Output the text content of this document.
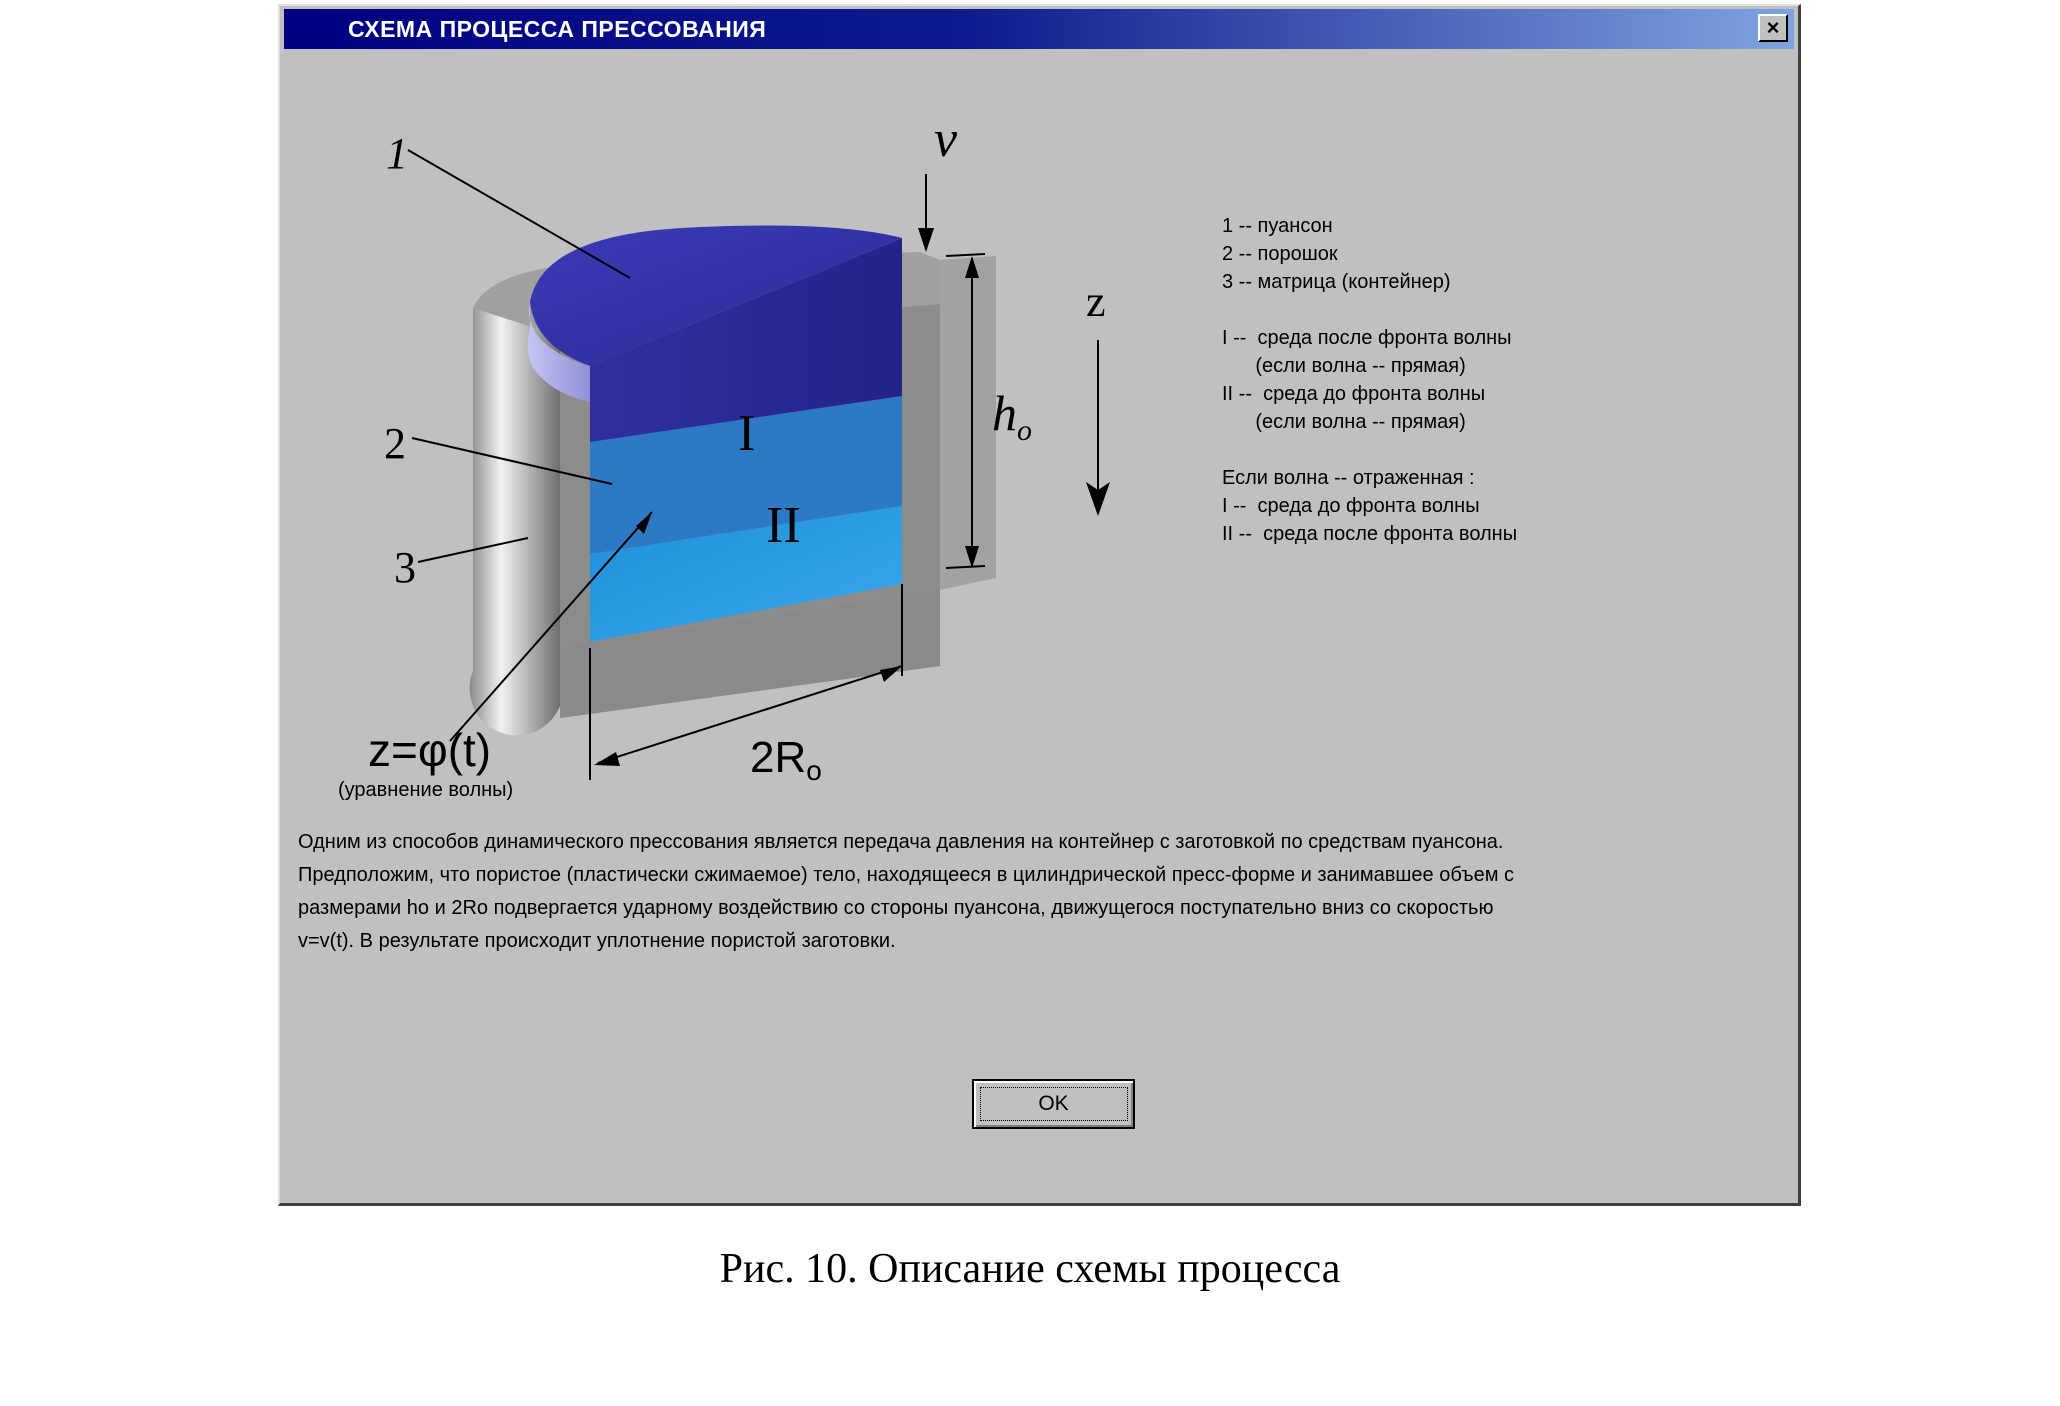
СХЕМА ПРОЦЕССА ПРЕССОВАНИЯ	×
1
2
3
v
z
$h_o$
I
II
2Ro
z=φ(t)
(уравнение волны)
1 -- пуансон
2 -- порошок
3 -- матрица (контейнер)
I --  среда после фронта волны
(если волна -- прямая)
II --  среда до фронта волны
(если волна -- прямая)
Если волна -- отраженная :
I --  среда до фронта волны
II --  среда после фронта волны
Одним из способов динамического прессования является передача давления на контейнер с заготовкой по средствам пуансона.
Предположим, что пористое (пластически сжимаемое) тело, находящееся в цилиндрической пресс-форме и занимавшее объем с
размерами ho и 2Ro подвергается ударному воздействию со стороны пуансона, движущегося поступательно вниз со скоростью
v=v(t). В результате происходит уплотнение пористой заготовки.
OK
Рис. 10. Описание схемы процесса
